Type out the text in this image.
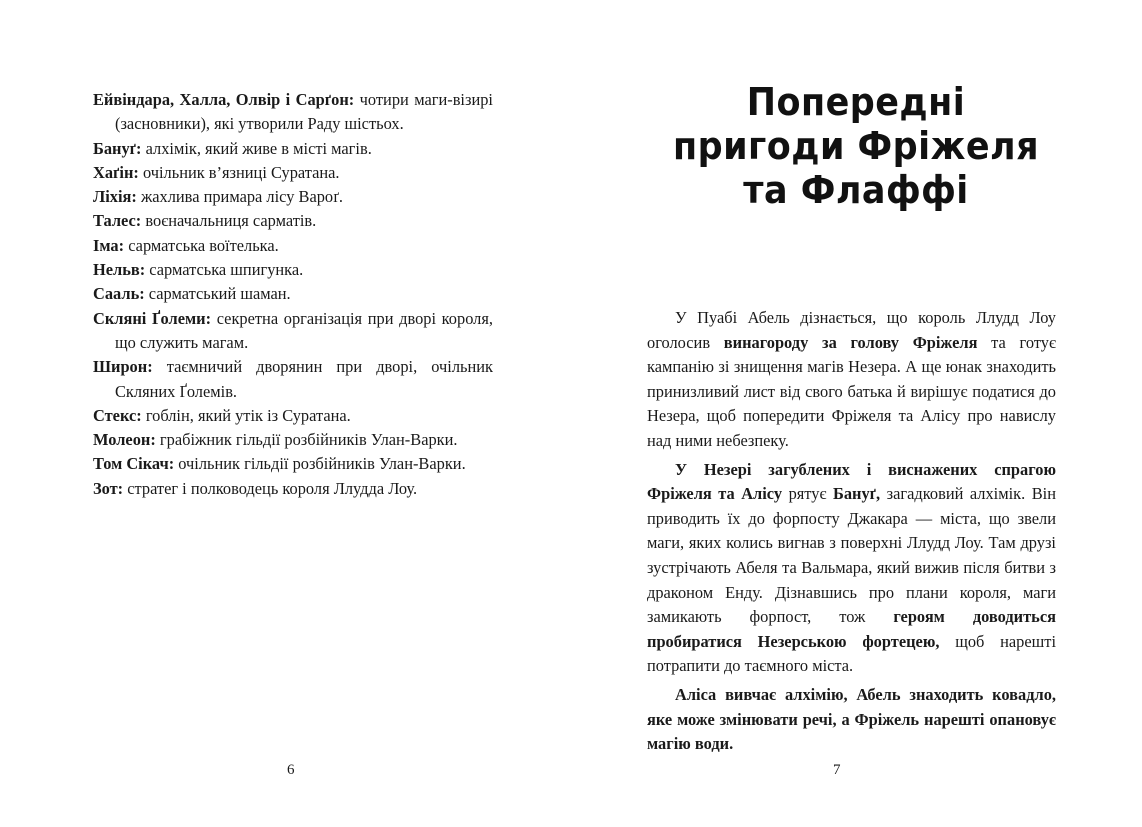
Ейвіндара, Халла, Олвір і Сарґон: чотири маги-візирі (засновники), які утворили Раду шістьох.
Бануґ: алхімік, який живе в місті магів.
Хаґін: очільник в’язниці Суратана.
Ліхія: жахлива примара лісу Вароґ.
Талес: воєначальниця сарматів.
Іма: сарматська воїтелька.
Нельв: сарматська шпигунка.
Сааль: сарматський шаман.
Скляні Ґолеми: секретна організація при дворі короля, що служить магам.
Широн: таємничий дворянин при дворі, очільник Скляних Ґолемів.
Стекс: гоблін, який утік із Суратана.
Молеон: грабіжник гільдії розбійників Улан-Варки.
Том Сікач: очільник гільдії розбійників Улан-Варки.
Зот: стратег і полководець короля Ллудда Лоу.
6
Попередні
пригоди Фріжеля
та Флаффі

У Пуабі Абель дізнається, що король Ллудд Лоу оголосив винагороду за голову Фріжеля та готує кампанію зі знищення магів Незера. А ще юнак знаходить принизливий лист від свого батька й вирішує податися до Незера, щоб попередити Фріжеля та Алісу про навислу над ними небезпеку.

У Незері загублених і виснажених спрагою Фріжеля та Алісу рятує Бануґ, загадковий алхімік. Він приводить їх до форпосту Джакара — міста, що звели маги, яких колись вигнав з поверхні Ллудд Лоу. Там друзі зустрічають Абеля та Вальмара, який вижив після битви з драконом Енду. Дізнавшись про плани короля, маги замикають форпост, тож героям доводиться пробиратися Незерською фортецею, щоб нарешті потрапити до таємного міста.

Аліса вивчає алхімію, Абель знаходить ковадло, яке може змінювати речі, а Фріжель нарешті опановує магію води.

7
